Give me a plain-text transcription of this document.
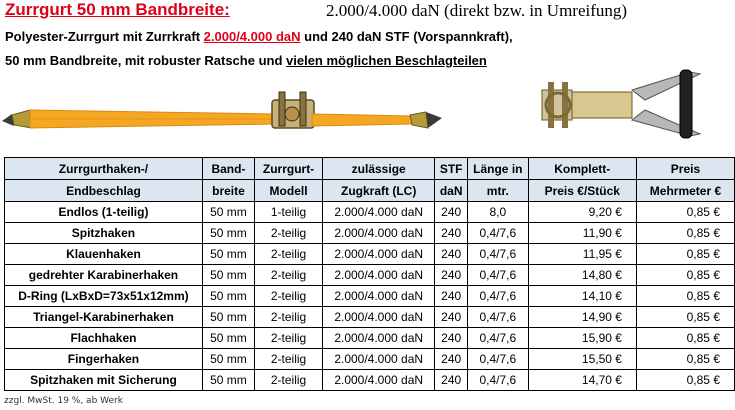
Zurrgurt 50 mm Bandbreite:	2.000/4.000 daN (direkt bzw. in Umreifung)
Polyester-Zurrgurt mit Zurrkraft 2.000/4.000 daN und 240 daN STF (Vorspannkraft),
50 mm Bandbreite, mit robuster Ratsche und vielen möglichen Beschlagteilen
Zurrgurthaken-/	Band-	Zurrgurt-	zulässige	STF	Länge in	Komplett-	Preis
Endbeschlag	breite	Modell	Zugkraft (LC)	daN	mtr.	Preis €/Stück	Mehrmeter €
Endlos (1-teilig)	50 mm	1-teilig	2.000/4.000 daN	240	8,0	9,20 €	0,85 €
Spitzhaken	50 mm	2-teilig	2.000/4.000 daN	240	0,4/7,6	11,90 €	0,85 €
Klauenhaken	50 mm	2-teilig	2.000/4.000 daN	240	0,4/7,6	11,95 €	0,85 €
gedrehter Karabinerhaken	50 mm	2-teilig	2.000/4.000 daN	240	0,4/7,6	14,80 €	0,85 €
D-Ring (LxBxD=73x51x12mm)	50 mm	2-teilig	2.000/4.000 daN	240	0,4/7,6	14,10 €	0,85 €
Triangel-Karabinerhaken	50 mm	2-teilig	2.000/4.000 daN	240	0,4/7,6	14,90 €	0,85 €
Flachhaken	50 mm	2-teilig	2.000/4.000 daN	240	0,4/7,6	15,90 €	0,85 €
Fingerhaken	50 mm	2-teilig	2.000/4.000 daN	240	0,4/7,6	15,50 €	0,85 €
Spitzhaken mit Sicherung	50 mm	2-teilig	2.000/4.000 daN	240	0,4/7,6	14,70 €	0,85 €
zzgl. MwSt. 19 %, ab Werk
